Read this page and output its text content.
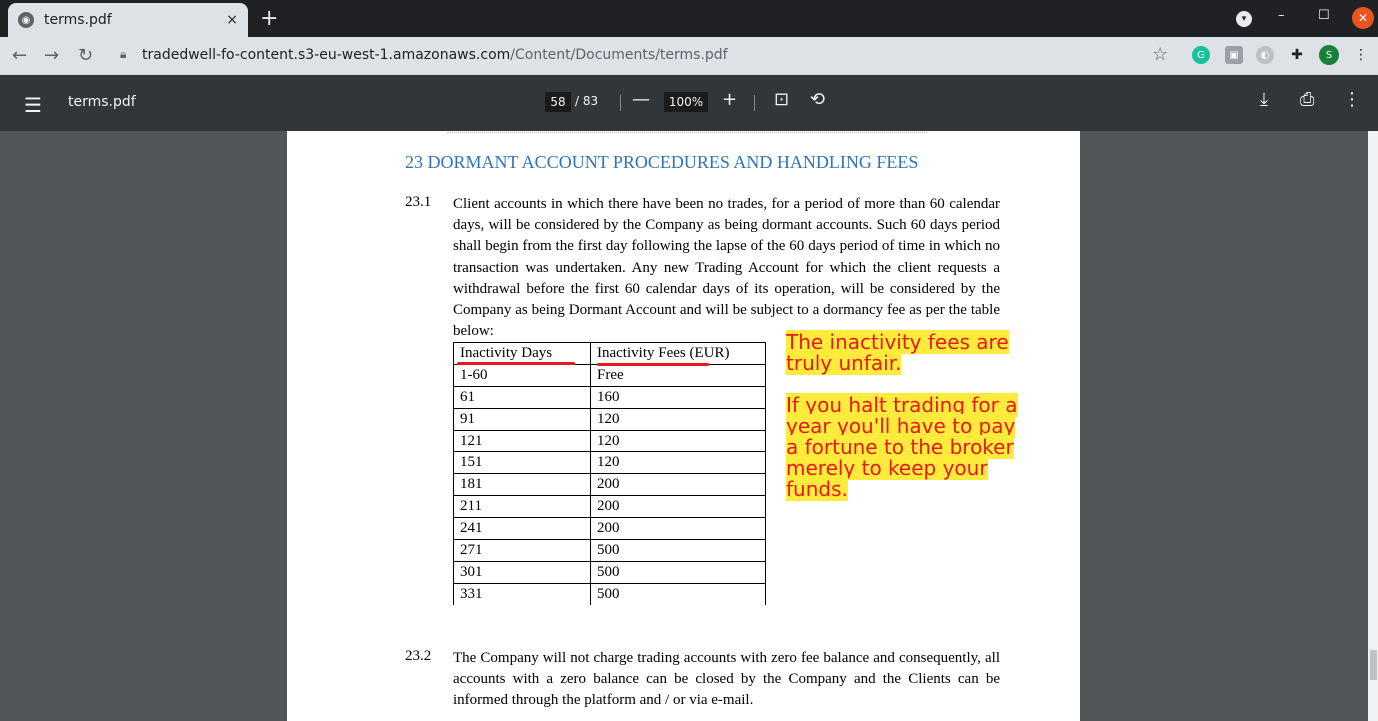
◉ terms.pdf	× +	▾	–	☐	✕
← → ↻ 🔒︎ tradedwell-fo-content.s3-eu-west-1.amazonaws.com/Content/Documents/terms.pdf	☆	G	▣	◐	✚	S	⋮
☰ terms.pdf	58 / 83 —	100% + ⊡ ⟲	⤓ ⎙ ⋮
23 DORMANT ACCOUNT PROCEDURES AND HANDLING FEES
23.1 Client accounts in which there have been no trades, for a period of more than 60 calendar days, will be considered by the Company as being dormant accounts. Such 60 days period shall begin from the first day following the lapse of the 60 days period of time in which no transaction was undertaken. Any new Trading Account for which the client requests a withdrawal before the first 60 calendar days of its operation, will be considered by the Company as being Dormant Account and will be subject to a dormancy fee as per the table below:
Inactivity Days	Inactivity Fees (EUR)
1-60	Free
61	160
91	120
121	120
151	120
181	200
211	200
241	200
271	500
301	500
331	500
The inactivity fees are truly unfair.
If you halt trading for a year you'll have to pay a fortune to the broker merely to keep your funds.
23.2 The Company will not charge trading accounts with zero fee balance and consequently, all accounts with a zero balance can be closed by the Company and the Clients can be informed through the platform and / or via e-mail.
